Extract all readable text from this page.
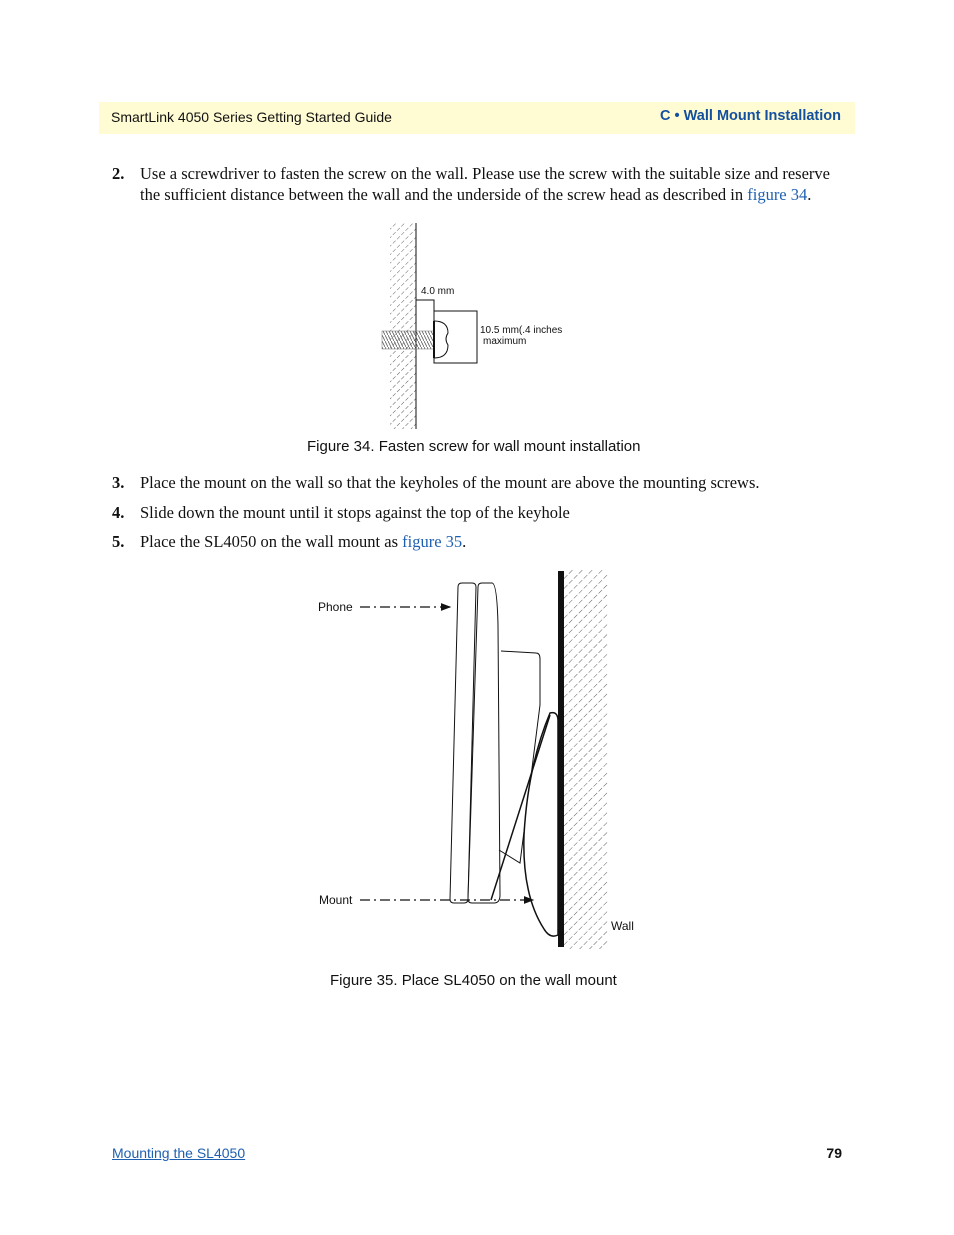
SmartLink 4050 Series Getting Started Guide	C • Wall Mount Installation
2. Use a screwdriver to fasten the screw on the wall. Please use the screw with the suitable size and reserve the sufficient distance between the wall and the underside of the screw head as described in figure 34.
4.0 mm
10.5 mm(.4 inches
maximum
Figure 34. Fasten screw for wall mount installation
3. Place the mount on the wall so that the keyholes of the mount are above the mounting screws.
4. Slide down the mount until it stops against the top of the keyhole
5. Place the SL4050 on the wall mount as figure 35.
Phone
Mount
Wall
Figure 35. Place SL4050 on the wall mount
Mounting the SL4050	79
